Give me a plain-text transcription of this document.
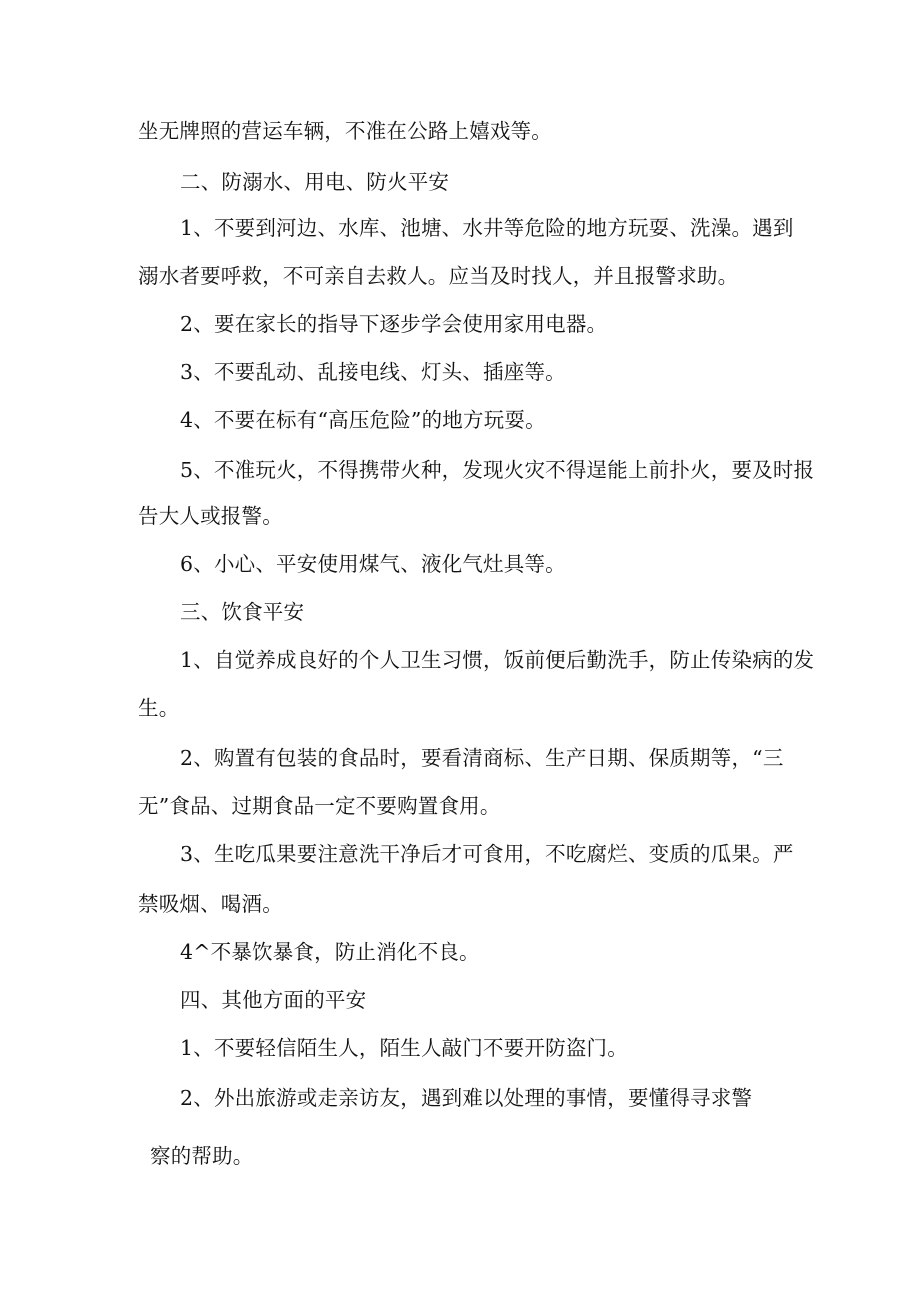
坐无牌照的营运车辆，不准在公路上嬉戏等。
二、防溺水、用电、防火平安
1、不要到河边、水库、池塘、水井等危险的地方玩耍、洗澡。遇到
溺水者要呼救，不可亲自去救人。应当及时找人，并且报警求助。
2、要在家长的指导下逐步学会使用家用电器。
3、不要乱动、乱接电线、灯头、插座等。
4、不要在标有“高压危险”的地方玩耍。
5、不准玩火，不得携带火种，发现火灾不得逞能上前扑火，要及时报
告大人或报警。
6、小心、平安使用煤气、液化气灶具等。
三、饮食平安
1、自觉养成良好的个人卫生习惯，饭前便后勤洗手，防止传染病的发
生。
2、购置有包装的食品时，要看清商标、生产日期、保质期等，“三
无”食品、过期食品一定不要购置食用。
3、生吃瓜果要注意洗干净后才可食用，不吃腐烂、变质的瓜果。严
禁吸烟、喝酒。
4^不暴饮暴食，防止消化不良。
四、其他方面的平安
1、不要轻信陌生人，陌生人敲门不要开防盗门。
2、外出旅游或走亲访友，遇到难以处理的事情，要懂得寻求警
察的帮助。
